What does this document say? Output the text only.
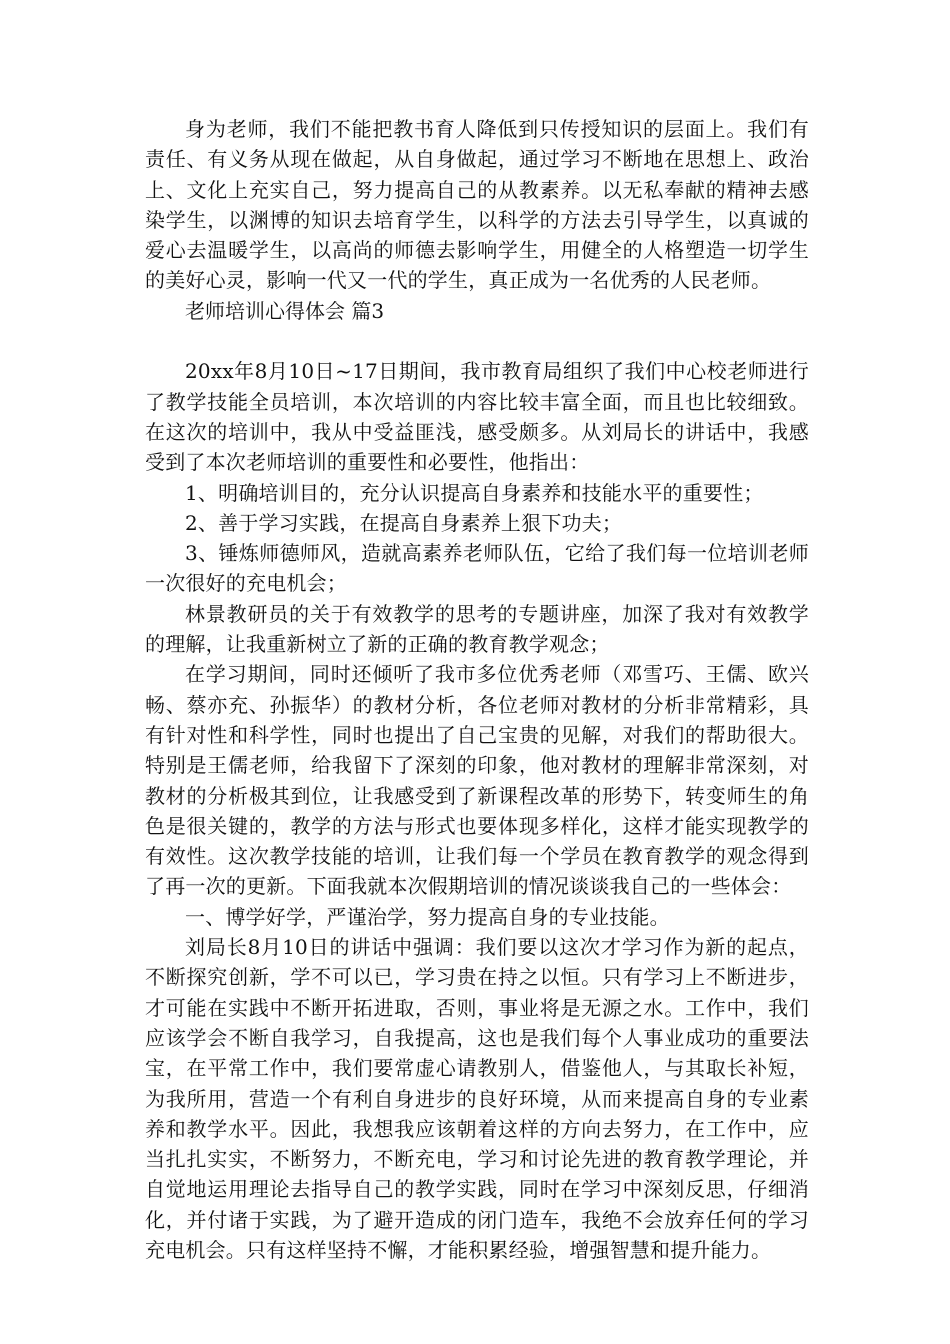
身为老师，我们不能把教书育人降低到只传授知识的层面上。我们有责任、有义务从现在做起，从自身做起，通过学习不断地在思想上、政治上、文化上充实自己，努力提高自己的从教素养。以无私奉献的精神去感染学生，以渊博的知识去培育学生，以科学的方法去引导学生，以真诚的爱心去温暖学生，以高尚的师德去影响学生，用健全的人格塑造一切学生的美好心灵，影响一代又一代的学生，真正成为一名优秀的人民老师。

老师培训心得体会 篇3

20xx年8月10日~17日期间，我市教育局组织了我们中心校老师进行了教学技能全员培训，本次培训的内容比较丰富全面，而且也比较细致。在这次的培训中，我从中受益匪浅，感受颇多。从刘局长的讲话中，我感受到了本次老师培训的重要性和必要性，他指出：

1、明确培训目的，充分认识提高自身素养和技能水平的重要性；

2、善于学习实践，在提高自身素养上狠下功夫；

3、锤炼师德师风，造就高素养老师队伍，它给了我们每一位培训老师一次很好的充电机会；

林景教研员的关于有效教学的思考的专题讲座，加深了我对有效教学的理解，让我重新树立了新的正确的教育教学观念；

在学习期间，同时还倾听了我市多位优秀老师（邓雪巧、王儒、欧兴畅、蔡亦充、孙振华）的教材分析，各位老师对教材的分析非常精彩，具有针对性和科学性，同时也提出了自己宝贵的见解，对我们的帮助很大。特别是王儒老师，给我留下了深刻的印象，他对教材的理解非常深刻，对教材的分析极其到位，让我感受到了新课程改革的形势下，转变师生的角色是很关键的，教学的方法与形式也要体现多样化，这样才能实现教学的有效性。这次教学技能的培训，让我们每一个学员在教育教学的观念得到了再一次的更新。下面我就本次假期培训的情况谈谈我自己的一些体会：

一、博学好学，严谨治学，努力提高自身的专业技能。

刘局长8月10日的讲话中强调：我们要以这次才学习作为新的起点，不断探究创新，学不可以已，学习贵在持之以恒。只有学习上不断进步，才可能在实践中不断开拓进取，否则，事业将是无源之水。工作中，我们应该学会不断自我学习，自我提高，这也是我们每个人事业成功的重要法宝，在平常工作中，我们要常虚心请教别人，借鉴他人，与其取长补短，为我所用，营造一个有利自身进步的良好环境，从而来提高自身的专业素养和教学水平。因此，我想我应该朝着这样的方向去努力，在工作中，应当扎扎实实，不断努力，不断充电，学习和讨论先进的教育教学理论，并自觉地运用理论去指导自己的教学实践，同时在学习中深刻反思，仔细消化，并付诸于实践，为了避开造成的闭门造车，我绝不会放弃任何的学习充电机会。只有这样坚持不懈，才能积累经验，增强智慧和提升能力。
